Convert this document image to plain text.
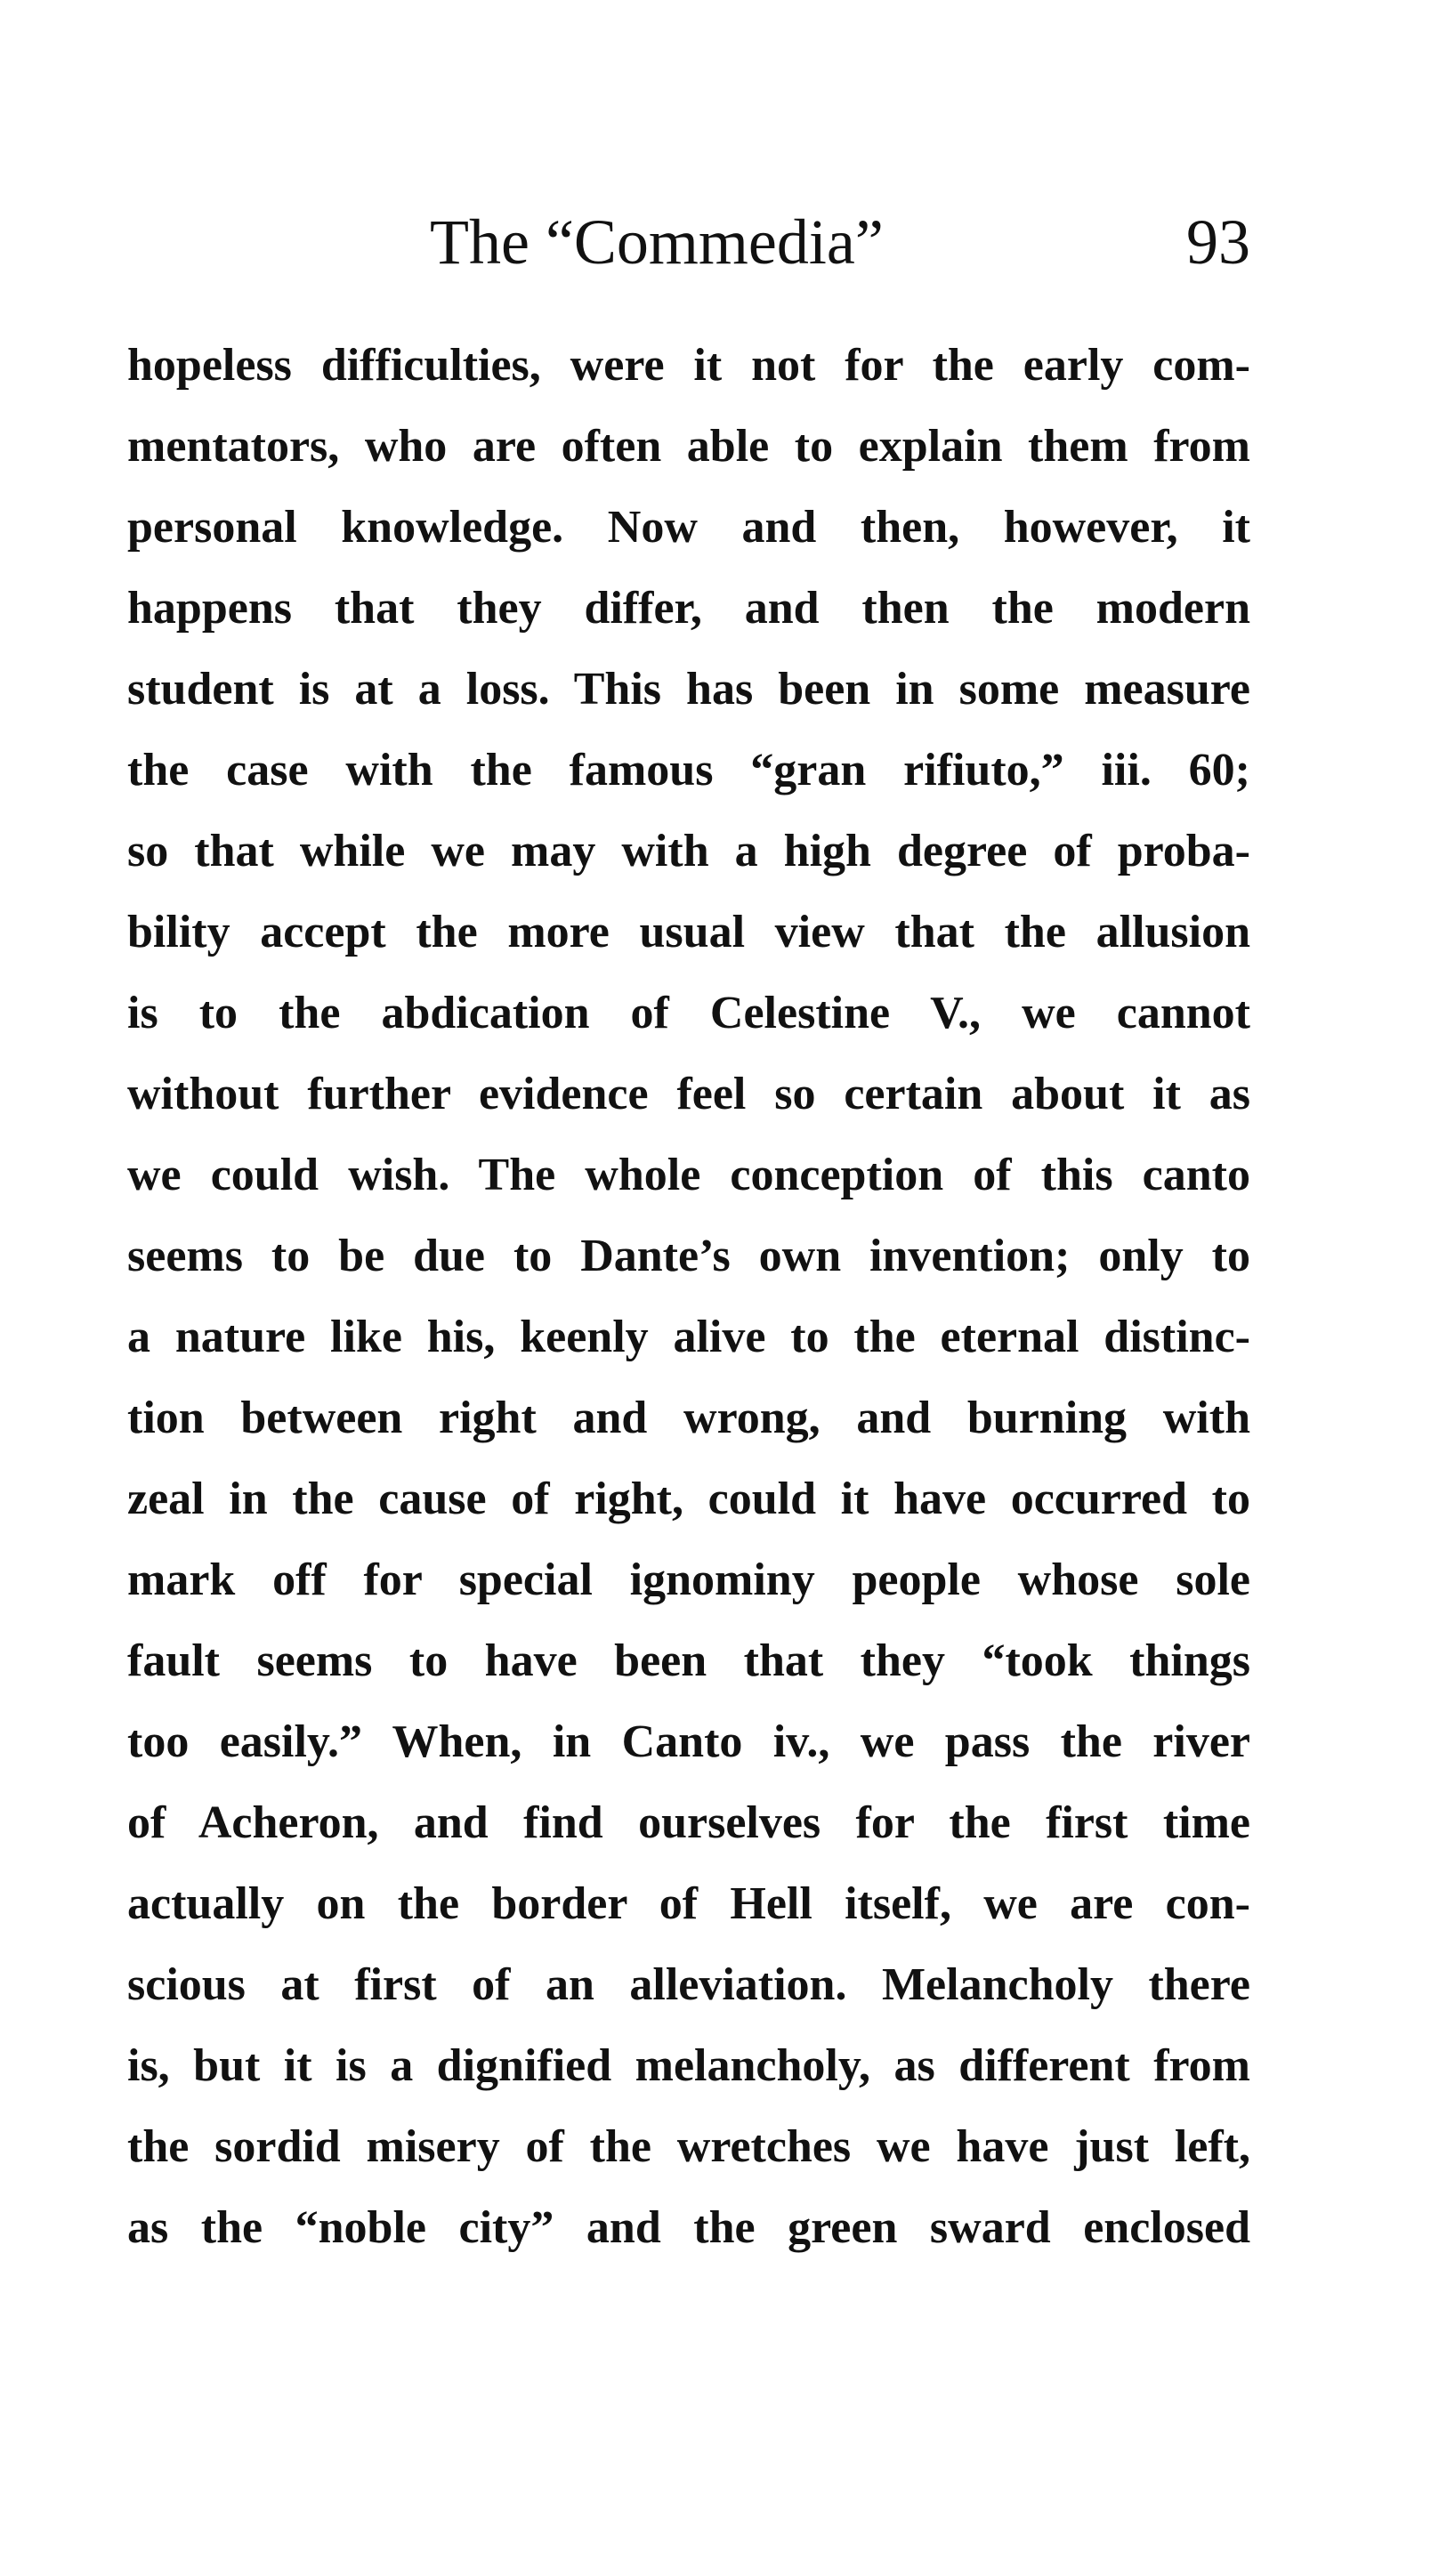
The “Commedia”	93
hopeless difficulties, were it not for the early com-
mentators, who are often able to explain them from
personal knowledge. Now and then, however, it
happens that they differ, and then the modern
student is at a loss. This has been in some measure
the case with the famous “gran rifiuto,” iii. 60;
so that while we may with a high degree of proba-
bility accept the more usual view that the allusion
is to the abdication of Celestine V., we cannot
without further evidence feel so certain about it as
we could wish. The whole conception of this canto
seems to be due to Dante’s own invention; only to
a nature like his, keenly alive to the eternal distinc-
tion between right and wrong, and burning with
zeal in the cause of right, could it have occurred to
mark off for special ignominy people whose sole
fault seems to have been that they “took things
too easily.” When, in Canto iv., we pass the river
of Acheron, and find ourselves for the first time
actually on the border of Hell itself, we are con-
scious at first of an alleviation. Melancholy there
is, but it is a dignified melancholy, as different from
the sordid misery of the wretches we have just left,
as the “noble city” and the green sward enclosed
